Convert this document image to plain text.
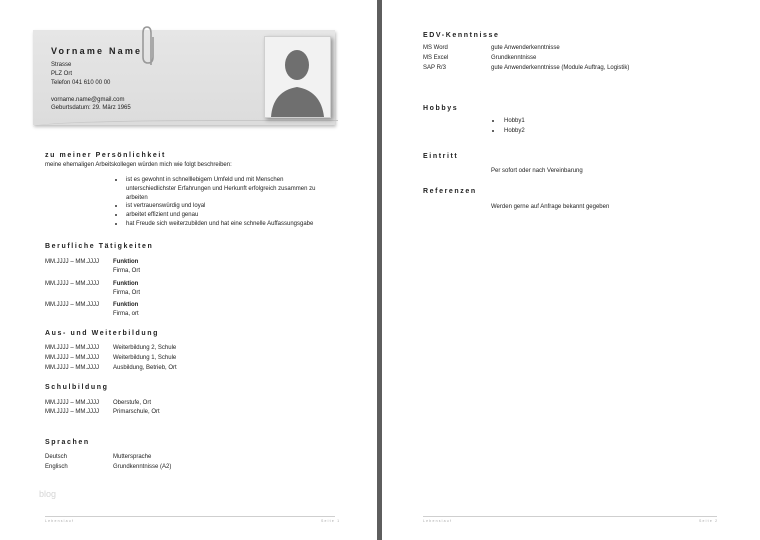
Vorname Name
Strasse
PLZ Ort
Telefon 041 610 00 00
vorname.name@gmail.com
Geburtsdatum: 29. März 1965
zu meiner Persönlichkeit
meine ehemaligen Arbeitskollegen würden mich wie folgt beschreiben:
ist es gewohnt in schnelllebigem Umfeld und mit Menschen
unterschiedlichster Erfahrungen und Herkunft erfolgreich zusammen zu
arbeiten
ist vertrauenswürdig und loyal
arbeitet effizient und genau
hat Freude sich weiterzubilden und hat eine schnelle Auffassungsgabe
Berufliche Tätigkeiten
MM.JJJJ – MM.JJJJ Funktion
Firma, Ort
MM.JJJJ – MM.JJJJ Funktion
Firma, Ort
MM.JJJJ – MM.JJJJ Funktion
Firma, ort
Aus- und Weiterbildung
MM.JJJJ – MM.JJJJ Weiterbildung 2, Schule
MM.JJJJ – MM.JJJJ Weiterbildung 1, Schule
MM.JJJJ – MM.JJJJ Ausbildung, Betrieb, Ort
Schulbildung
MM.JJJJ – MM.JJJJ Oberstufe, Ort
MM.JJJJ – MM.JJJJ Primarschule, Ort
Sprachen
Deutsch	Muttersprache
Englisch	Grundkenntnisse (A2)
blog
Lebenslauf	Seite 1
EDV-Kenntnisse
MS Word	gute Anwenderkenntnisse
MS Excel	Grundkenntnisse
SAP R/3	gute Anwenderkenntnisse (Module Auftrag, Logistik)
Hobbys
Hobby1
Hobby2
Eintritt
Per sofort oder nach Vereinbarung
Referenzen
Werden gerne auf Anfrage bekannt gegeben
Lebenslauf	Seite 2
